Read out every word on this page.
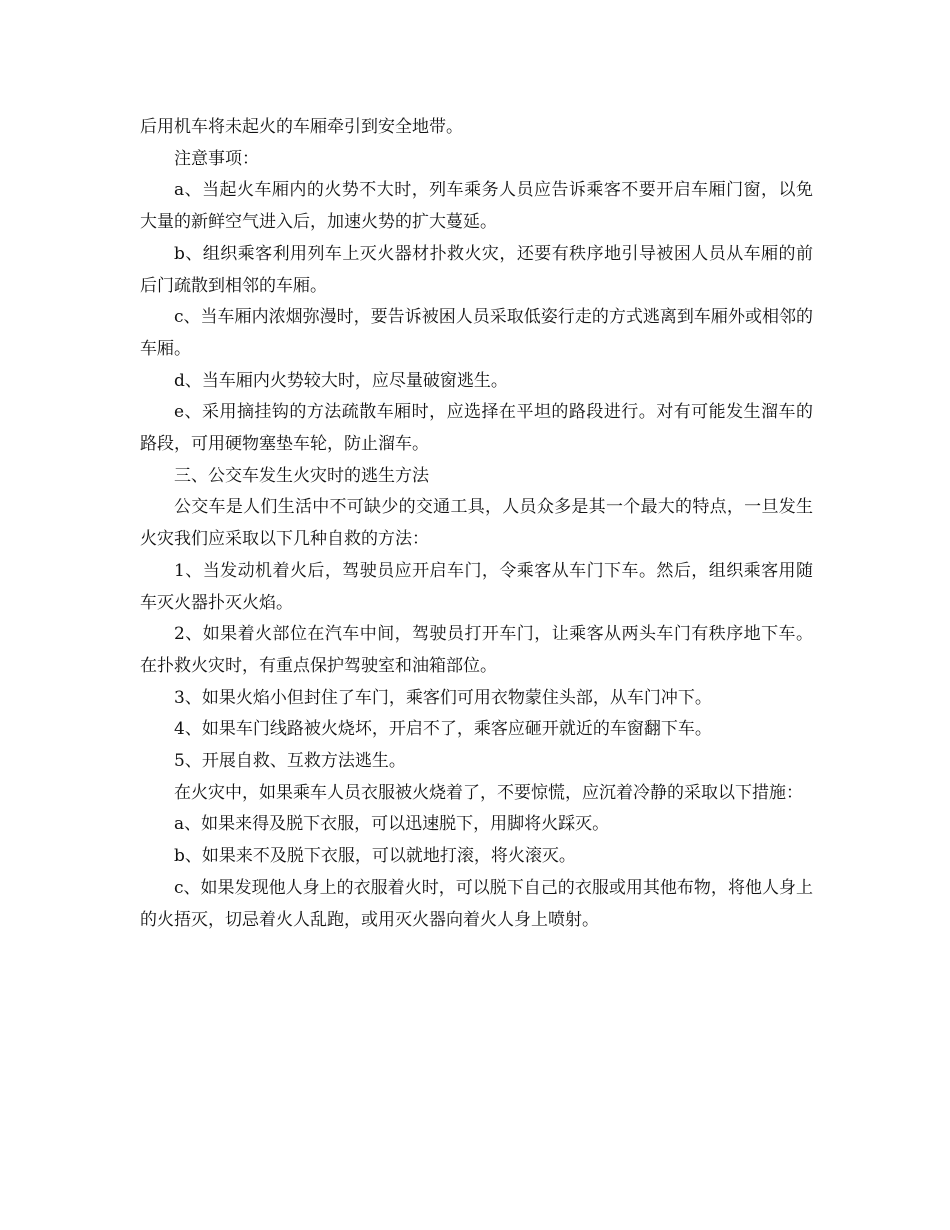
后用机车将未起火的车厢牵引到安全地带。

注意事项：

a、当起火车厢内的火势不大时，列车乘务人员应告诉乘客不要开启车厢门窗，以免大量的新鲜空气进入后，加速火势的扩大蔓延。

b、组织乘客利用列车上灭火器材扑救火灾，还要有秩序地引导被困人员从车厢的前后门疏散到相邻的车厢。

c、当车厢内浓烟弥漫时，要告诉被困人员采取低姿行走的方式逃离到车厢外或相邻的车厢。

d、当车厢内火势较大时，应尽量破窗逃生。

e、采用摘挂钩的方法疏散车厢时，应选择在平坦的路段进行。对有可能发生溜车的路段，可用硬物塞垫车轮，防止溜车。

三、公交车发生火灾时的逃生方法

公交车是人们生活中不可缺少的交通工具，人员众多是其一个最大的特点，一旦发生火灾我们应采取以下几种自救的方法：

1、当发动机着火后，驾驶员应开启车门，令乘客从车门下车。然后，组织乘客用随车灭火器扑灭火焰。

2、如果着火部位在汽车中间，驾驶员打开车门，让乘客从两头车门有秩序地下车。在扑救火灾时，有重点保护驾驶室和油箱部位。

3、如果火焰小但封住了车门，乘客们可用衣物蒙住头部，从车门冲下。

4、如果车门线路被火烧坏，开启不了，乘客应砸开就近的车窗翻下车。

5、开展自救、互救方法逃生。

在火灾中，如果乘车人员衣服被火烧着了，不要惊慌，应沉着冷静的采取以下措施：

a、如果来得及脱下衣服，可以迅速脱下，用脚将火踩灭。

b、如果来不及脱下衣服，可以就地打滚，将火滚灭。

c、如果发现他人身上的衣服着火时，可以脱下自己的衣服或用其他布物，将他人身上的火捂灭，切忌着火人乱跑，或用灭火器向着火人身上喷射。
